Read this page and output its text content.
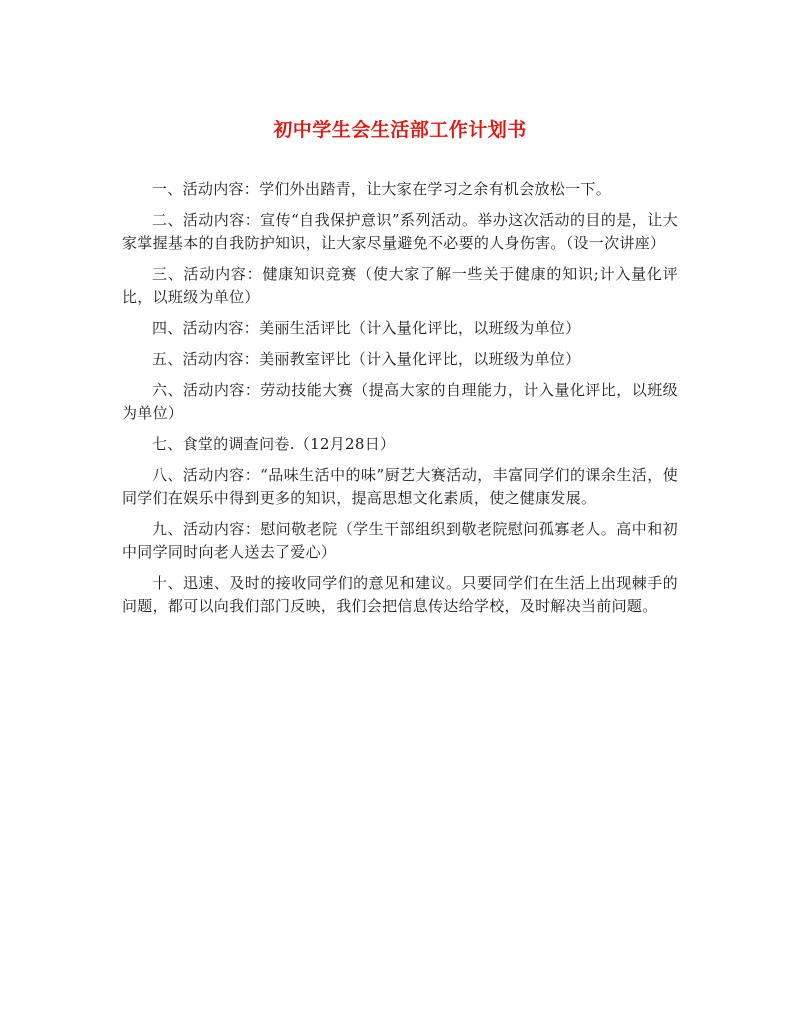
初中学生会生活部工作计划书

一、活动内容：学们外出踏青，让大家在学习之余有机会放松一下。

二、活动内容：宣传“自我保护意识”系列活动。举办这次活动的目的是，让大家掌握基本的自我防护知识，让大家尽量避免不必要的人身伤害。（设一次讲座）

三、活动内容：健康知识竞赛（使大家了解一些关于健康的知识;计入量化评比，以班级为单位）

四、活动内容：美丽生活评比（计入量化评比，以班级为单位）

五、活动内容：美丽教室评比（计入量化评比，以班级为单位）

六、活动内容：劳动技能大赛（提高大家的自理能力，计入量化评比，以班级为单位）

七、食堂的调查问卷.（12月28日）

八、活动内容：“品味生活中的味”厨艺大赛活动，丰富同学们的课余生活，使同学们在娱乐中得到更多的知识，提高思想文化素质，使之健康发展。

九、活动内容：慰问敬老院（学生干部组织到敬老院慰问孤寡老人。高中和初中同学同时向老人送去了爱心）

十、迅速、及时的接收同学们的意见和建议。只要同学们在生活上出现棘手的问题，都可以向我们部门反映，我们会把信息传达给学校，及时解决当前问题。
